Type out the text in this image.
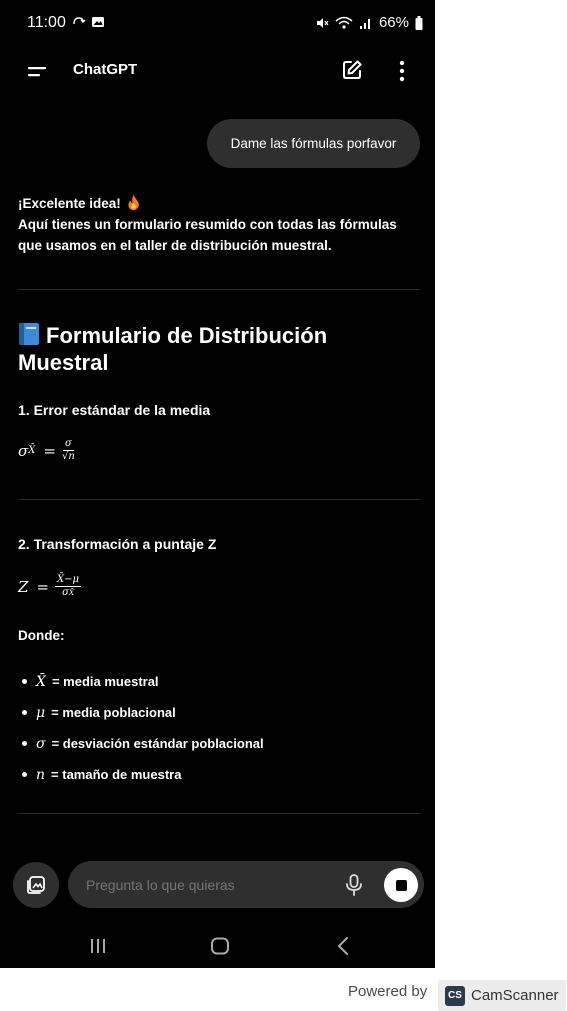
11:00	66%
ChatGPT
Dame las fórmulas porfavor

¡Excelente idea!

Aquí tienes un formulario resumido con todas las fórmulas que usamos en el taller de distribución muestral.

Formulario de Distribución Muestral
1. Error estándar de la media
σ X̄ = $\frac{\sigma}{√n}$
2. Transformación a puntaje Z
$Z = \frac{X̄-\mu}{\sigma X̄}$
Donde:
X̄ = media muestral
μ = media poblacional
σ = desviación estándar poblacional
n = tamaño de muestra
Pregunta lo que quieras
Powered by	CS CamScanner
